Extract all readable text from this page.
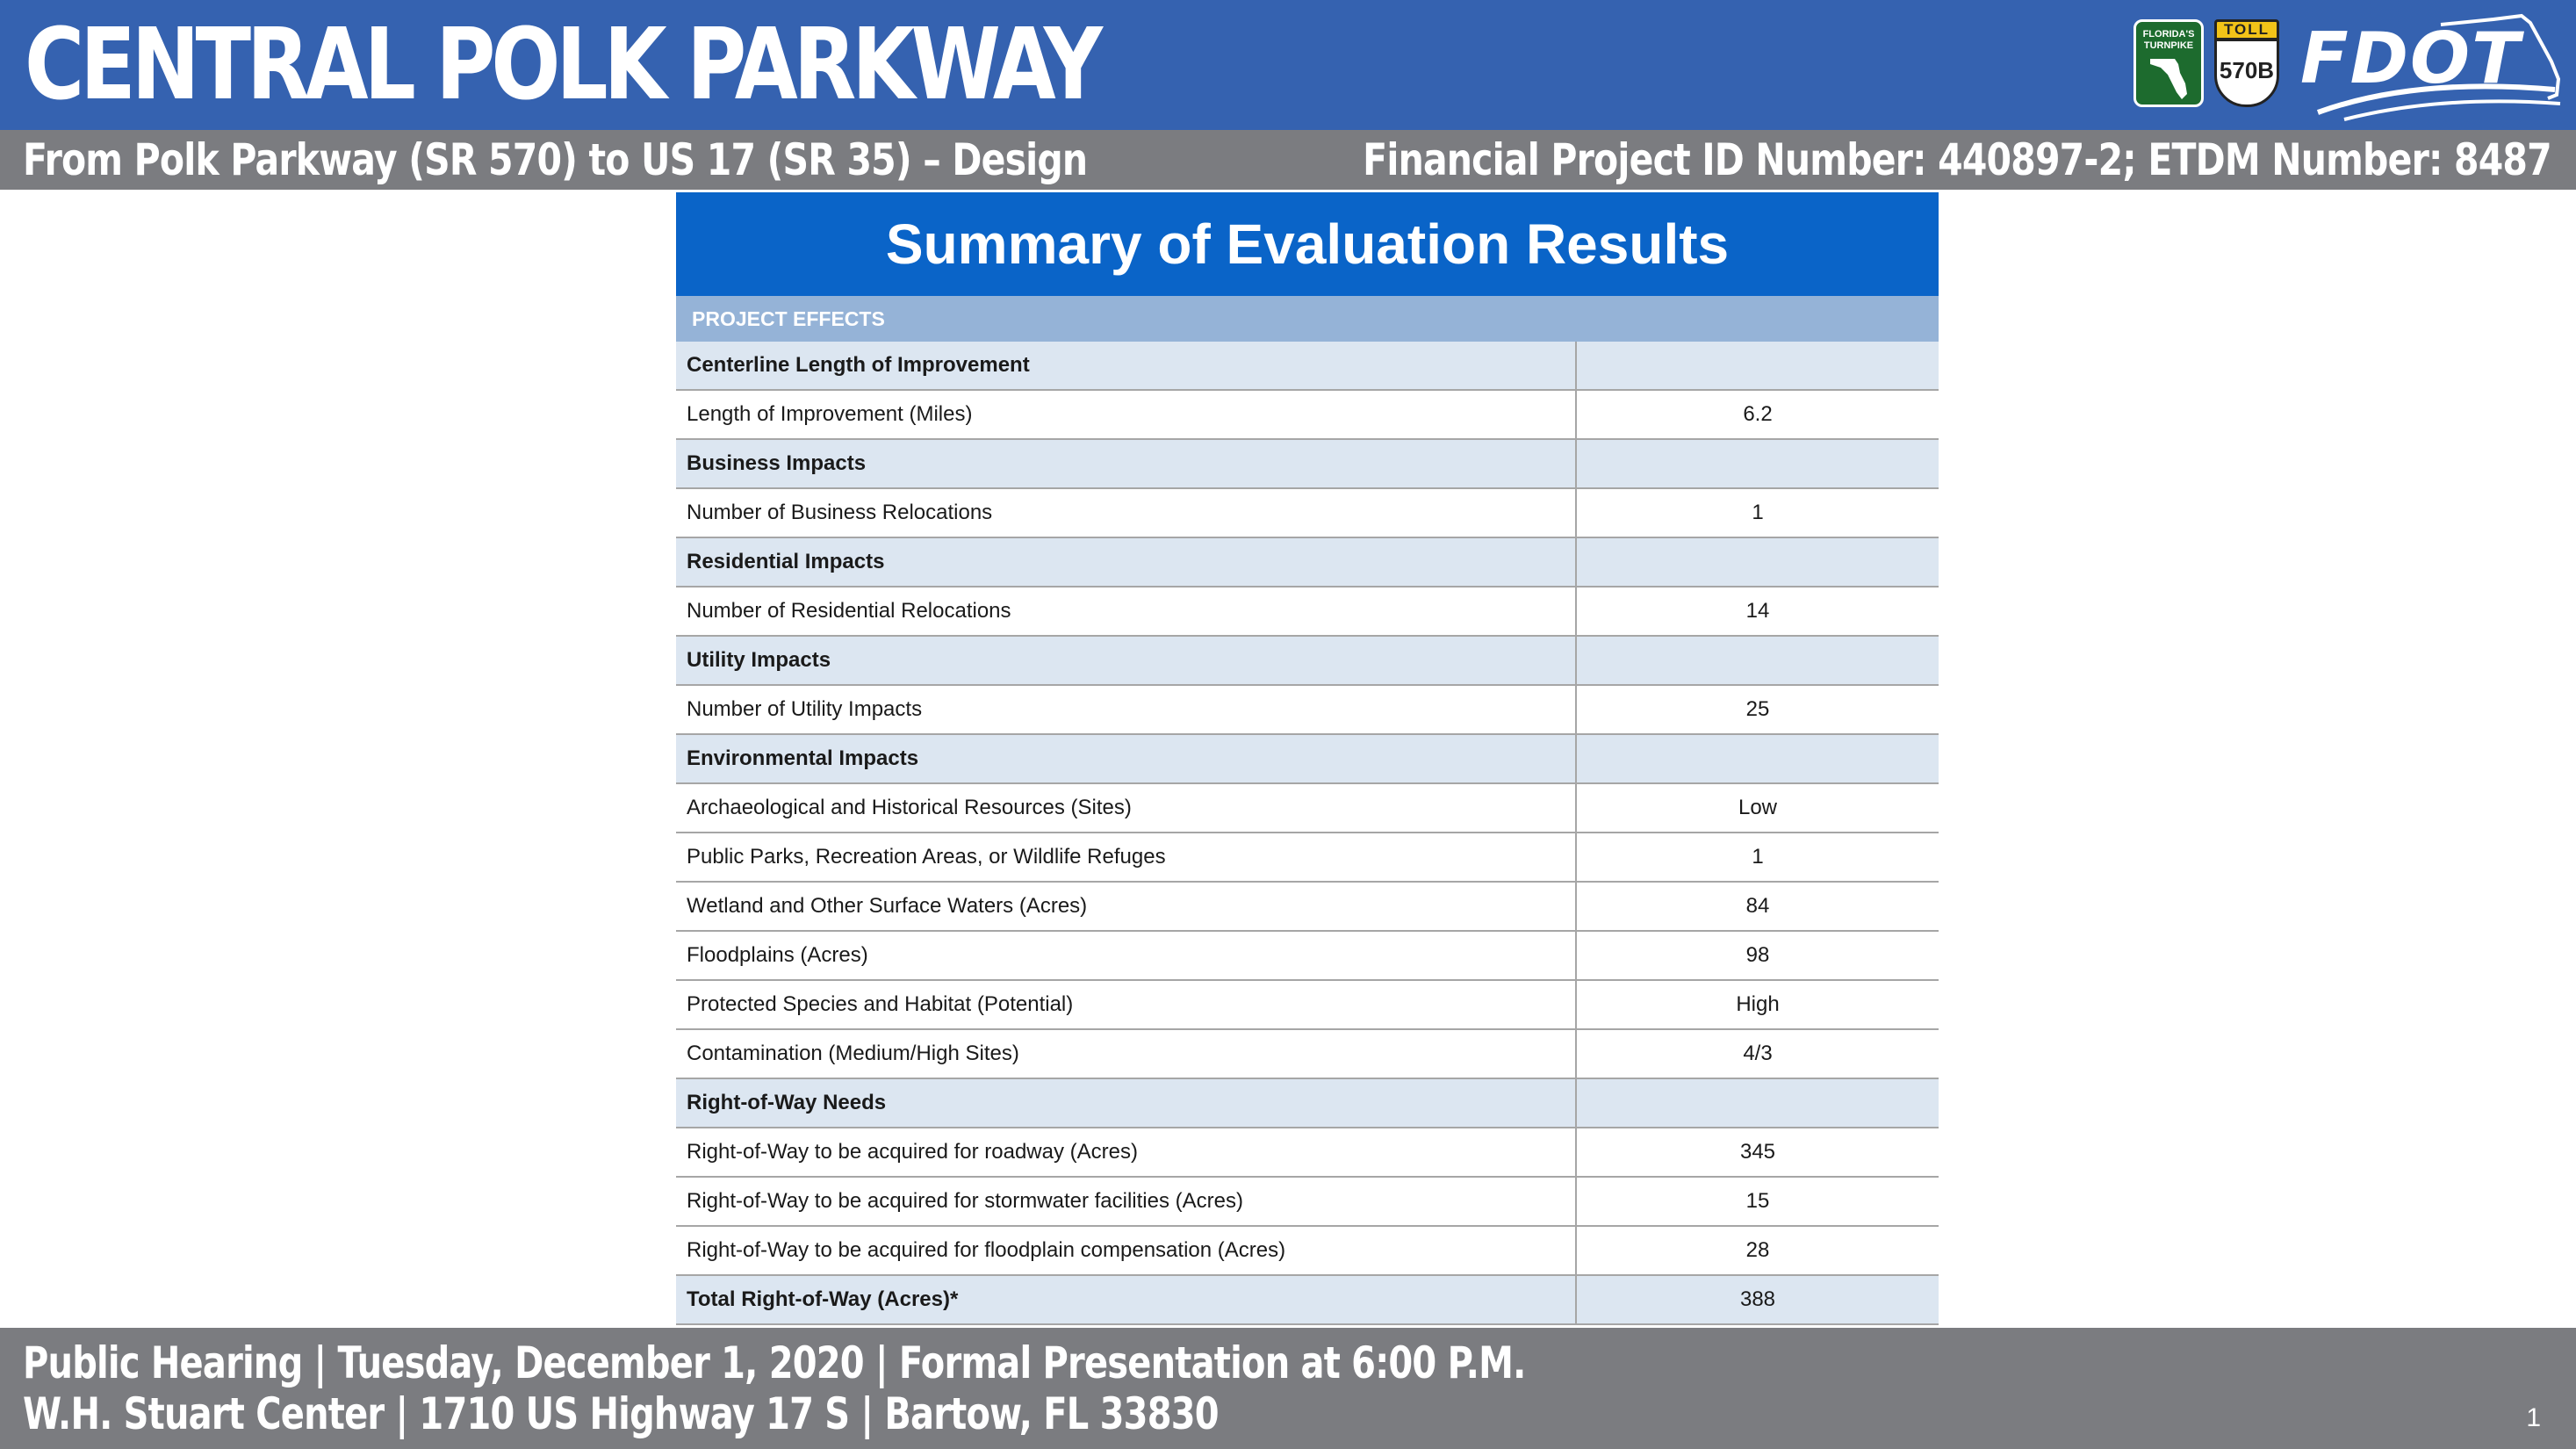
CENTRAL POLK PARKWAY	FLORIDA'S
TURNPIKE
TOLL
570B FDOT
From Polk Parkway (SR 570) to US 17 (SR 35) – Design	Financial Project ID Number: 440897-2; ETDM Number: 8487
Summary of Evaluation Results
PROJECT EFFECTS
Centerline Length of Improvement
Length of Improvement (Miles)	6.2
Business Impacts
Number of Business Relocations	1
Residential Impacts
Number of Residential Relocations	14
Utility Impacts
Number of Utility Impacts	25
Environmental Impacts
Archaeological and Historical Resources (Sites)	Low
Public Parks, Recreation Areas, or Wildlife Refuges	1
Wetland and Other Surface Waters (Acres)	84
Floodplains (Acres)	98
Protected Species and Habitat (Potential)	High
Contamination (Medium/High Sites)	4/3
Right-of-Way Needs
Right-of-Way to be acquired for roadway (Acres)	345
Right-of-Way to be acquired for stormwater facilities (Acres)	15
Right-of-Way to be acquired for floodplain compensation (Acres)	28
Total Right-of-Way (Acres)*	388
Public Hearing | Tuesday, December 1, 2020 | Formal Presentation at 6:00 P.M.
W.H. Stuart Center | 1710 US Highway 17 S | Bartow, FL 33830	1
